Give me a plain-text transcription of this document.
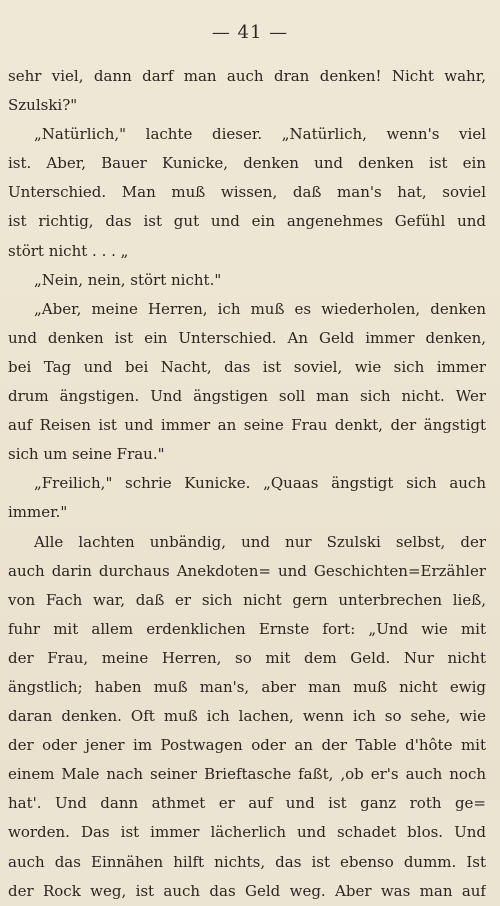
— 41 —
sehr viel, dann darf man auch dran denken! Nicht wahr,
Szulski?"
„Natürlich," lachte dieser. „Natürlich, wenn's viel
ist. Aber, Bauer Kunicke, denken und denken ist ein
Unterschied. Man muß wissen, daß man's hat, soviel
ist richtig, das ist gut und ein angenehmes Gefühl und
stört nicht . . . „
„Nein, nein, stört nicht."
„Aber, meine Herren, ich muß es wiederholen, denken
und denken ist ein Unterschied. An Geld immer denken,
bei Tag und bei Nacht, das ist soviel, wie sich immer
drum ängstigen. Und ängstigen soll man sich nicht. Wer
auf Reisen ist und immer an seine Frau denkt, der ängstigt
sich um seine Frau."
„Freilich," schrie Kunicke. „Quaas ängstigt sich auch
immer."
Alle lachten unbändig, und nur Szulski selbst, der
auch darin durchaus Anekdoten= und Geschichten=Erzähler
von Fach war, daß er sich nicht gern unterbrechen ließ,
fuhr mit allem erdenklichen Ernste fort: „Und wie mit
der Frau, meine Herren, so mit dem Geld. Nur nicht
ängstlich; haben muß man's, aber man muß nicht ewig
daran denken. Oft muß ich lachen, wenn ich so sehe, wie
der oder jener im Postwagen oder an der Table d'hôte mit
einem Male nach seiner Brieftasche faßt, ‚ob er's auch noch
hat'. Und dann athmet er auf und ist ganz roth ge=
worden. Das ist immer lächerlich und schadet blos. Und
auch das Einnähen hilft nichts, das ist ebenso dumm. Ist
der Rock weg, ist auch das Geld weg. Aber was man auf
